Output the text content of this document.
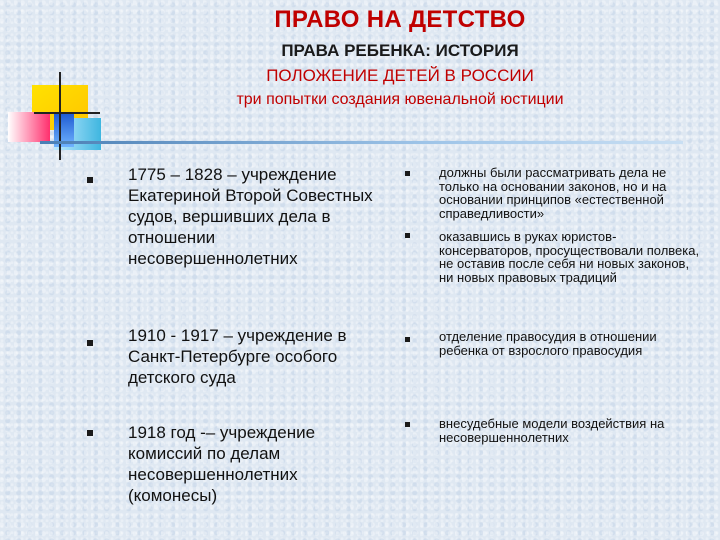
ПРАВО НА ДЕТСТВО
ПРАВА РЕБЕНКА: ИСТОРИЯ
ПОЛОЖЕНИЕ ДЕТЕЙ В РОССИИ
три попытки создания ювенальной юстиции
1775 – 1828 – учреждение Екатериной Второй Совестных судов, вершивших дела в отношении несовершеннолетних
1910 - 1917 – учреждение в Санкт-Петербурге особого детского суда
1918 год -– учреждение комиссий по делам несовершеннолетних (комонесы)
должны были рассматривать дела не только на основании законов, но и на основании принципов «естественной справедливости»
оказавшись в руках юристов-консерваторов, просуществовали полвека, не оставив после себя ни новых законов, ни новых правовых традиций
отделение правосудия в отношении ребенка от взрослого правосудия
внесудебные модели воздействия на несовершеннолетних
